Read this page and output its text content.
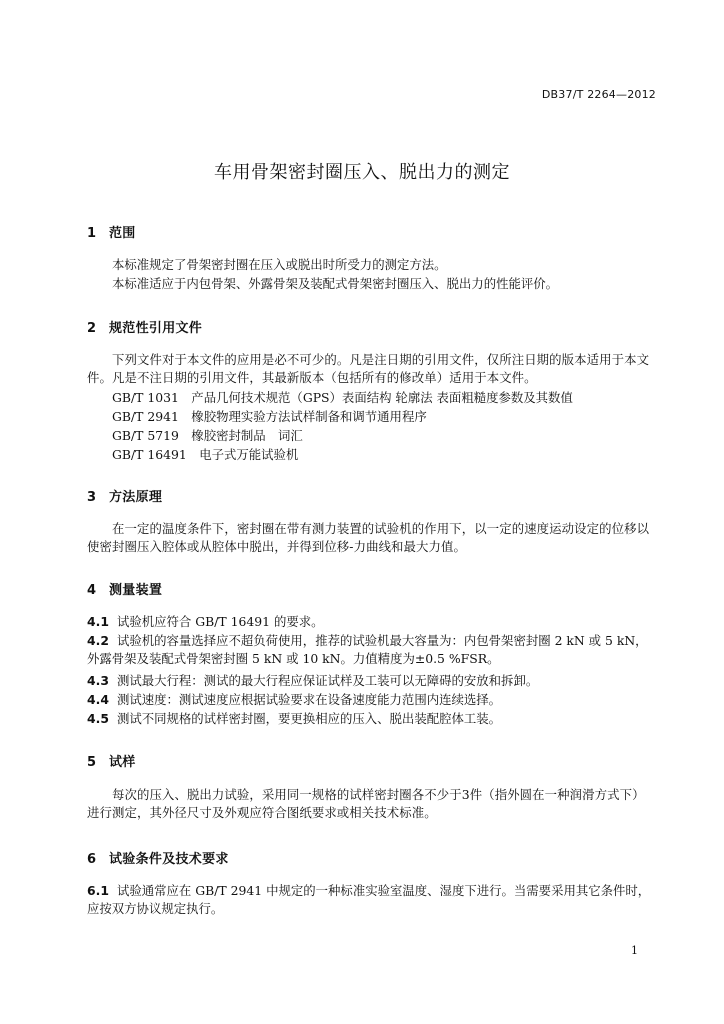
DB37/T 2264—2012
车用骨架密封圈压入、脱出力的测定
1 范围
本标准规定了骨架密封圈在压入或脱出时所受力的测定方法。
本标准适应于内包骨架、外露骨架及装配式骨架密封圈压入、脱出力的性能评价。
2 规范性引用文件
下列文件对于本文件的应用是必不可少的。凡是注日期的引用文件，仅所注日期的版本适用于本文件。凡是不注日期的引用文件，其最新版本（包括所有的修改单）适用于本文件。
GB/T 1031　产品几何技术规范（GPS）表面结构 轮廓法 表面粗糙度参数及其数值
GB/T 2941　橡胶物理实验方法试样制备和调节通用程序
GB/T 5719　橡胶密封制品　词汇
GB/T 16491　电子式万能试验机
3 方法原理
在一定的温度条件下，密封圈在带有测力装置的试验机的作用下，以一定的速度运动设定的位移以使密封圈压入腔体或从腔体中脱出，并得到位移-力曲线和最大力值。
4 测量装置
4.1 试验机应符合 GB/T 16491 的要求。
4.2 试验机的容量选择应不超负荷使用，推荐的试验机最大容量为：内包骨架密封圈 2 kN 或 5 kN，外露骨架及装配式骨架密封圈 5 kN 或 10 kN。力值精度为±0.5 %FSR。
4.3 测试最大行程：测试的最大行程应保证试样及工装可以无障碍的安放和拆卸。
4.4 测试速度：测试速度应根据试验要求在设备速度能力范围内连续选择。
4.5 测试不同规格的试样密封圈，要更换相应的压入、脱出装配腔体工装。
5 试样
每次的压入、脱出力试验，采用同一规格的试样密封圈各不少于3件（指外圆在一种润滑方式下）进行测定，其外径尺寸及外观应符合图纸要求或相关技术标准。
6 试验条件及技术要求
6.1 试验通常应在 GB/T 2941 中规定的一种标准实验室温度、湿度下进行。当需要采用其它条件时，应按双方协议规定执行。
1
